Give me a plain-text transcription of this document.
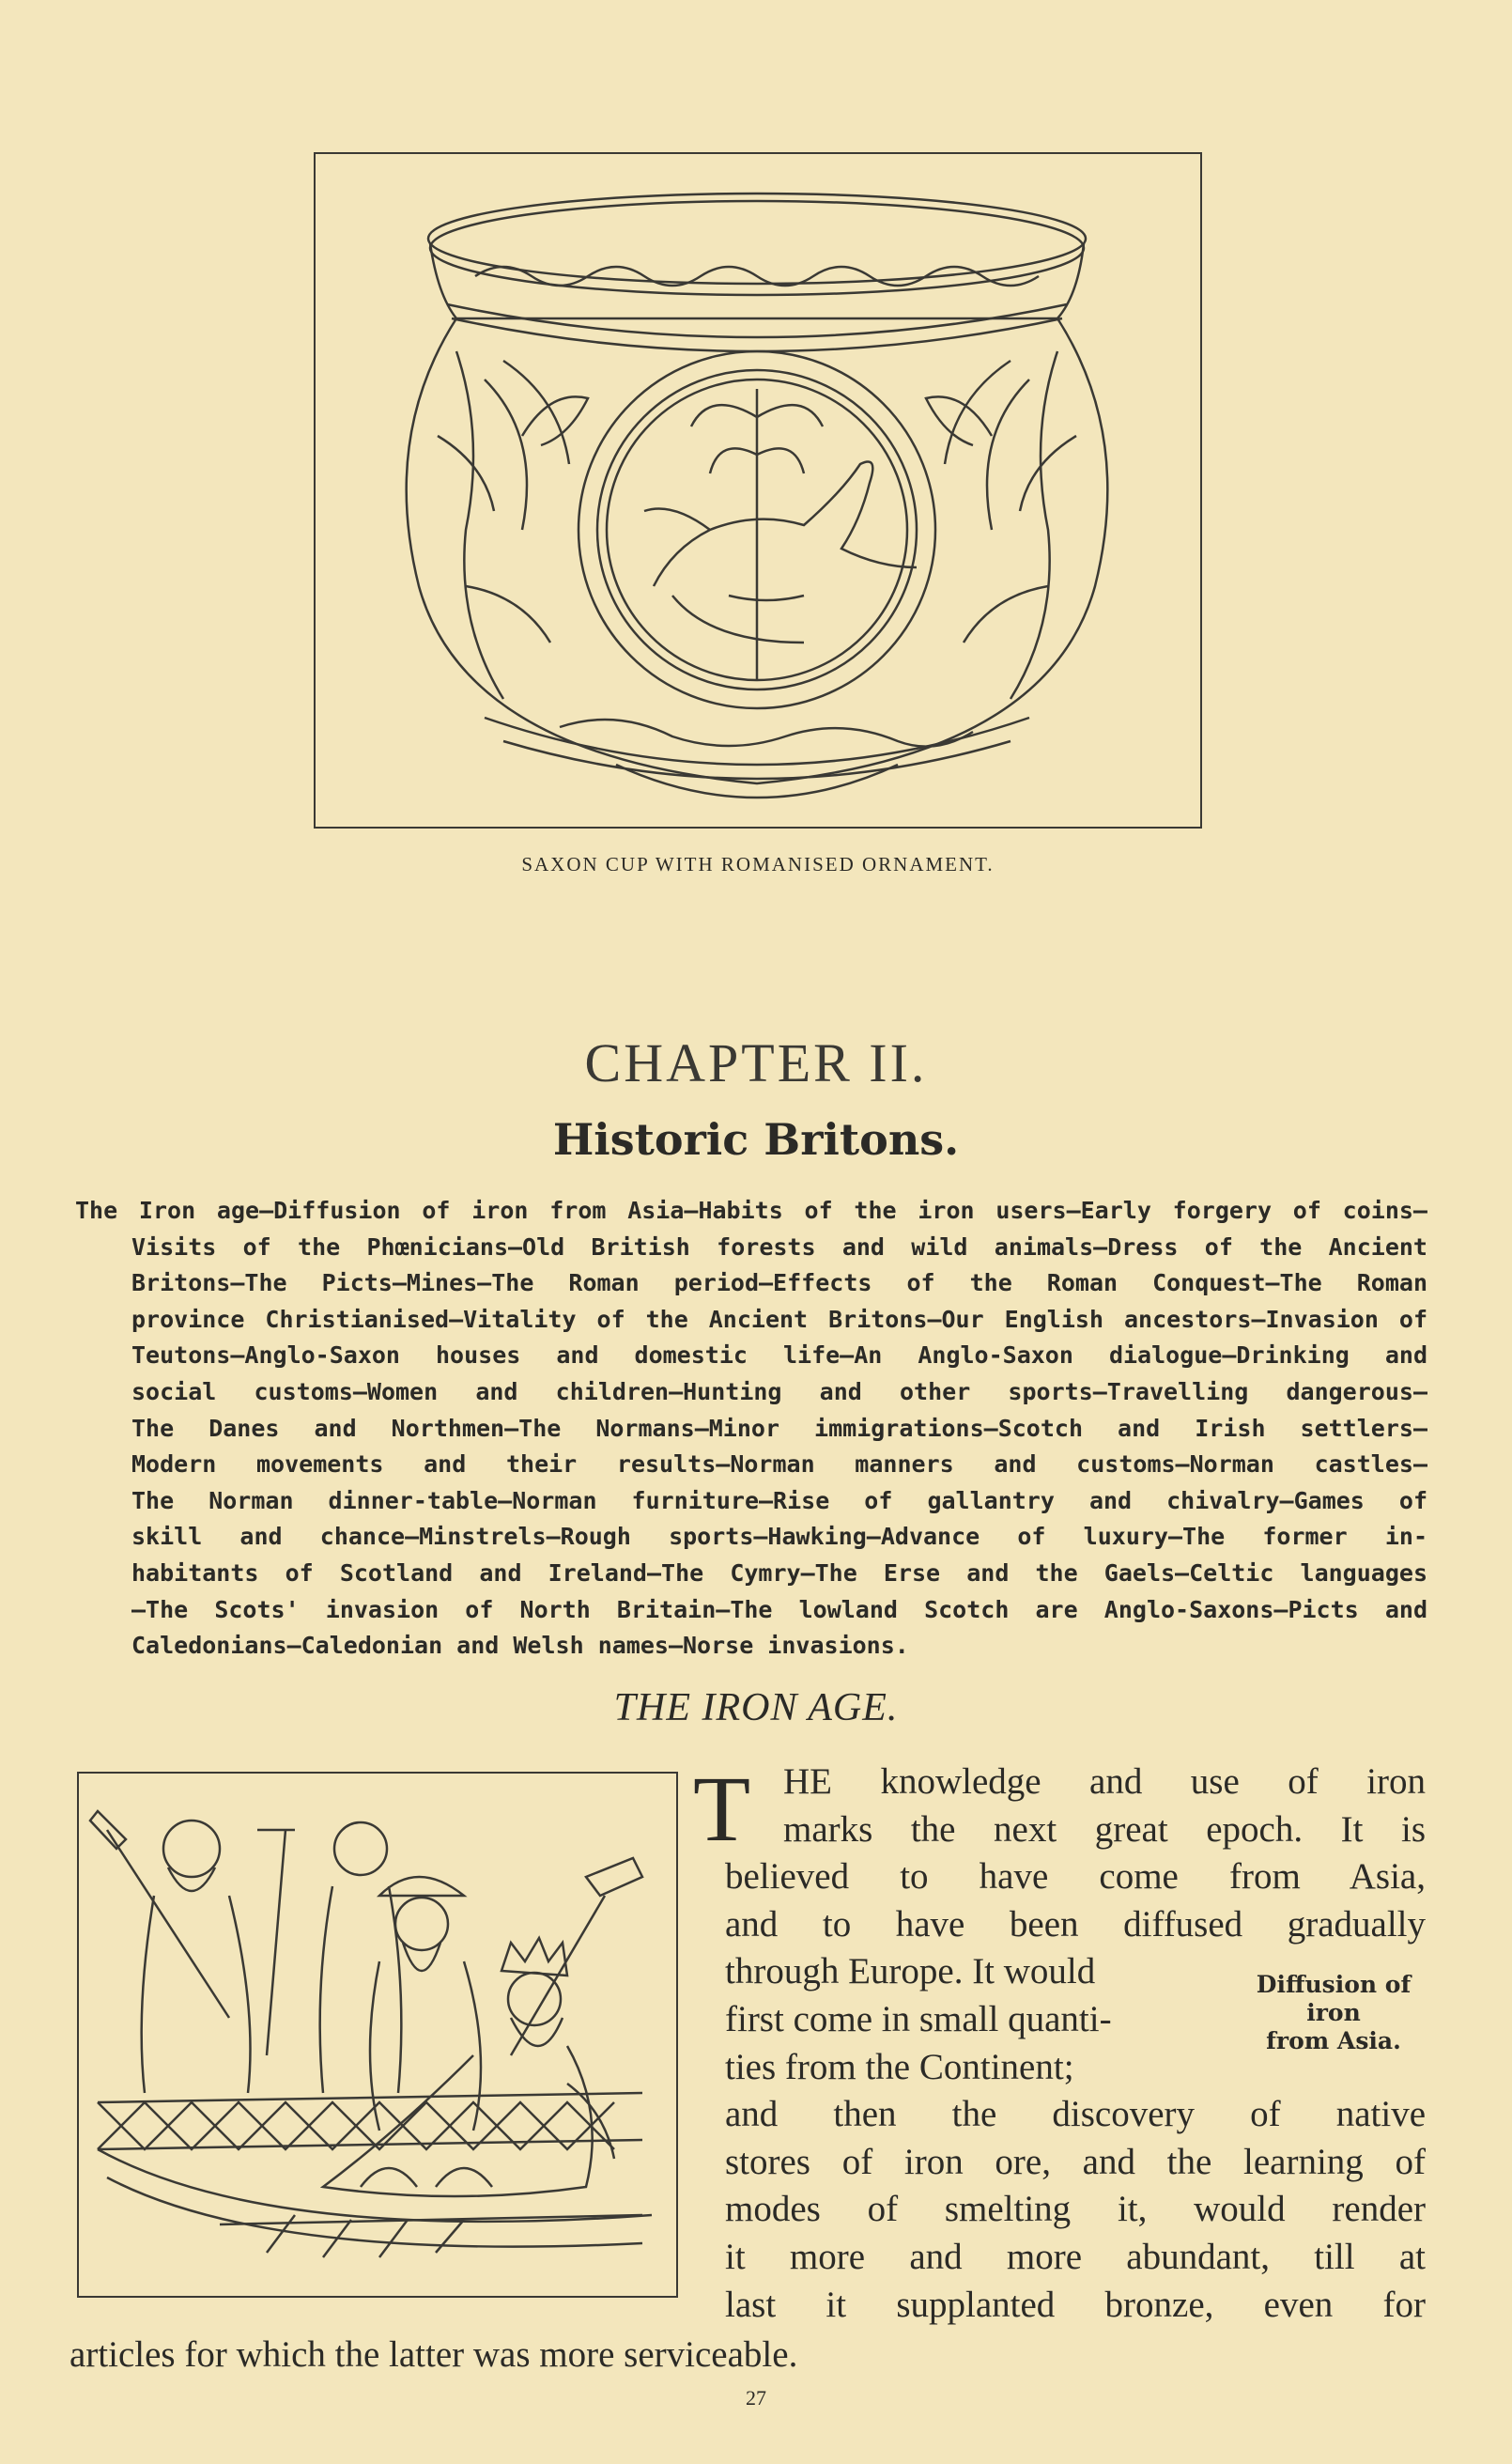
SAXON CUP WITH ROMANISED ORNAMENT.
CHAPTER II.
Historic Britons.
The Iron age—Diffusion of iron from Asia—Habits of the iron users—Early forgery of coins—
Visits of the Phœnicians—Old British forests and wild animals—Dress of the Ancient
Britons—The Picts—Mines—The Roman period—Effects of the Roman Conquest—The Roman
province Christianised—Vitality of the Ancient Britons—Our English ancestors—Invasion of
Teutons—Anglo-Saxon houses and domestic life—An Anglo-Saxon dialogue—Drinking and
social customs—Women and children—Hunting and other sports—Travelling dangerous—
The Danes and Northmen—The Normans—Minor immigrations—Scotch and Irish settlers—
Modern movements and their results—Norman manners and customs—Norman castles—
The Norman dinner-table—Norman furniture—Rise of gallantry and chivalry—Games of
skill and chance—Minstrels—Rough sports—Hawking—Advance of luxury—The former in-
habitants of Scotland and Ireland—The Cymry—The Erse and the Gaels—Celtic languages
—The Scots' invasion of North Britain—The lowland Scotch are Anglo-Saxons—Picts and
Caledonians—Caledonian and Welsh names—Norse invasions.
THE IRON AGE.
T HE knowledge and use of iron
marks the next great epoch. It is
believed to have come from Asia,
and to have been diffused gradually
through Europe. It would
first come in small quanti-
ties from the Continent;
and then the discovery of native
stores of iron ore, and the learning of
modes of smelting it, would render
it more and more abundant, till at
last it supplanted bronze, even for
Diffusion of
iron
from Asia.
articles for which the latter was more serviceable.
27
